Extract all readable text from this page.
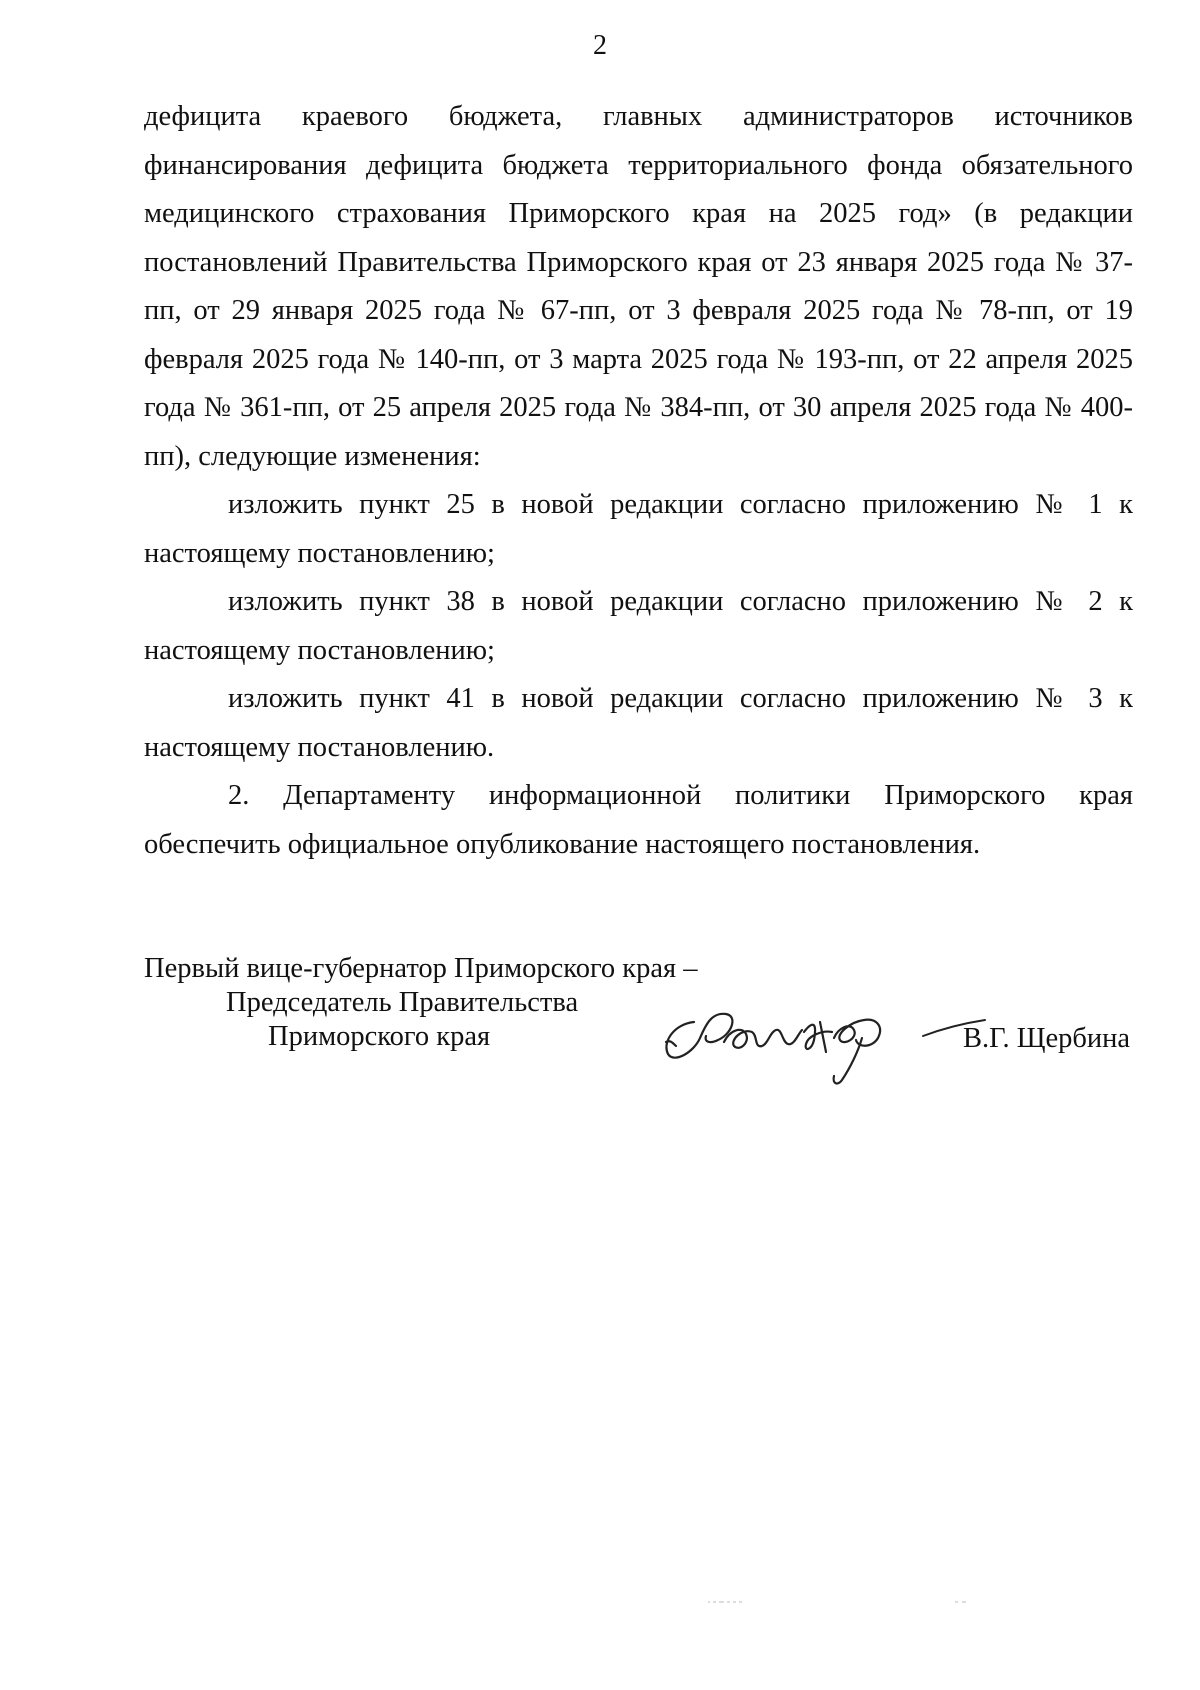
2

дефицита краевого бюджета, главных администраторов источников финансирования дефицита бюджета территориального фонда обязательного медицинского страхования Приморского края на 2025 год» (в редакции постановлений Правительства Приморского края от 23 января 2025 года № 37- пп, от 29 января 2025 года № 67-пп, от 3 февраля 2025 года № 78-пп, от 19 февраля 2025 года № 140-пп, от 3 марта 2025 года № 193-пп, от 22 апреля 2025 года № 361-пп, от 25 апреля 2025 года № 384-пп, от 30 апреля 2025 года № 400-пп), следующие изменения:

изложить пункт 25 в новой редакции согласно приложению № 1 к настоящему постановлению;

изложить пункт 38 в новой редакции согласно приложению № 2 к настоящему постановлению;

изложить пункт 41 в новой редакции согласно приложению № 3 к настоящему постановлению.

2. Департаменту информационной политики Приморского края обеспечить официальное опубликование настоящего постановления.

Первый вице-губернатор Приморского края –
Председатель Правительства
Приморского края	В.Г. Щербина
